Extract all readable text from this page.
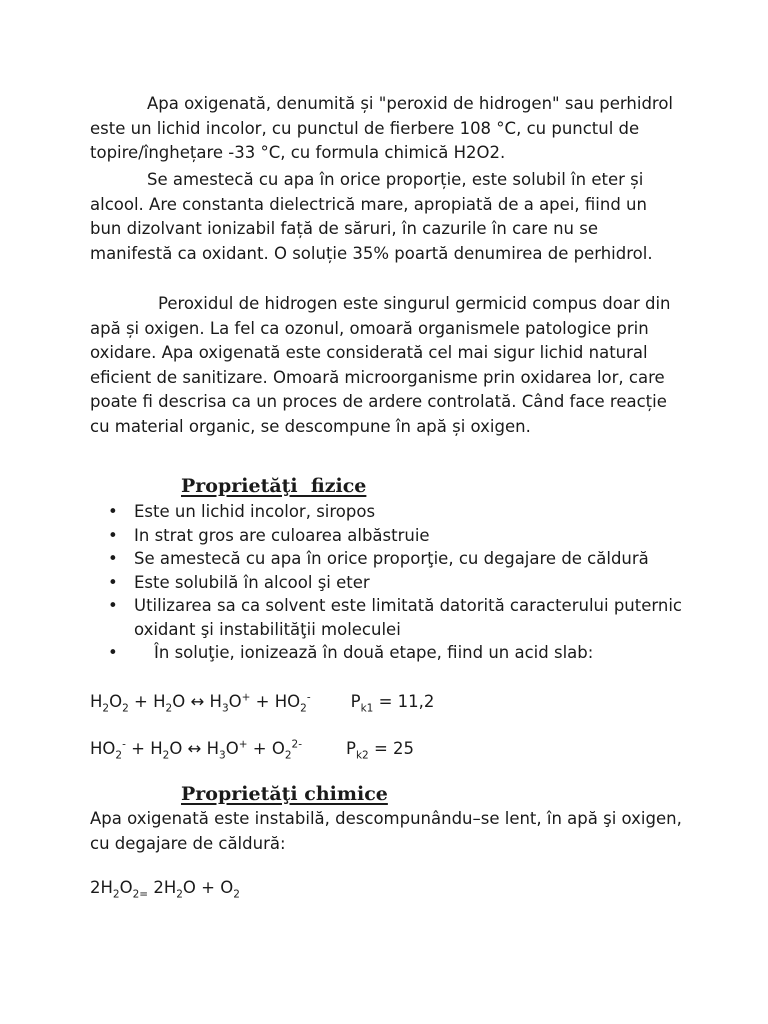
Apa oxigenată, denumită și "peroxid de hidrogen" sau perhidrol este un lichid incolor, cu punctul de fierbere 108 °C, cu punctul de topire/înghețare -33 °C, cu formula chimică H2O2.

Se amestecă cu apa în orice proporție, este solubil în eter și alcool. Are constanta dielectrică mare, apropiată de a apei, fiind un bun dizolvant ionizabil față de săruri, în cazurile în care nu se manifestă ca oxidant. O soluție 35% poartă denumirea de perhidrol.

Peroxidul de hidrogen este singurul germicid compus doar din apă și oxigen. La fel ca ozonul, omoară organismele patologice prin oxidare. Apa oxigenată este considerată cel mai sigur lichid natural eficient de sanitizare. Omoară microorganisme prin oxidarea lor, care poate fi descrisa ca un proces de ardere controlată. Când face reacție cu material organic, se descompune în apă și oxigen.

Proprietăţi  fizice
• Este un lichid incolor, siropos
• In strat gros are culoarea albăstruie
• Se amestecă cu apa în orice proporţie, cu degajare de căldură
• Este solubilă în alcool şi eter
• Utilizarea sa ca solvent este limitată datorită caracterului puternic oxidant şi instabilităţii moleculei
• În soluţie, ionizează în două etape, fiind un acid slab:
$H_2O_2 + H_2O$ ↔ $H_3O^+ + HO_2^-$ $P_{k1} = 11,2$
$HO_2^- + H_2O$ ↔ $H_3O^+ + O_2^{2-}$	$P_{k2} = 25$
Proprietăţi chimice

Apa oxigenată este instabilă, descompunându–se lent, în apă şi oxigen, cu degajare de căldură:

$2H_2O_{2=}$ $2H_2O + O_2$
